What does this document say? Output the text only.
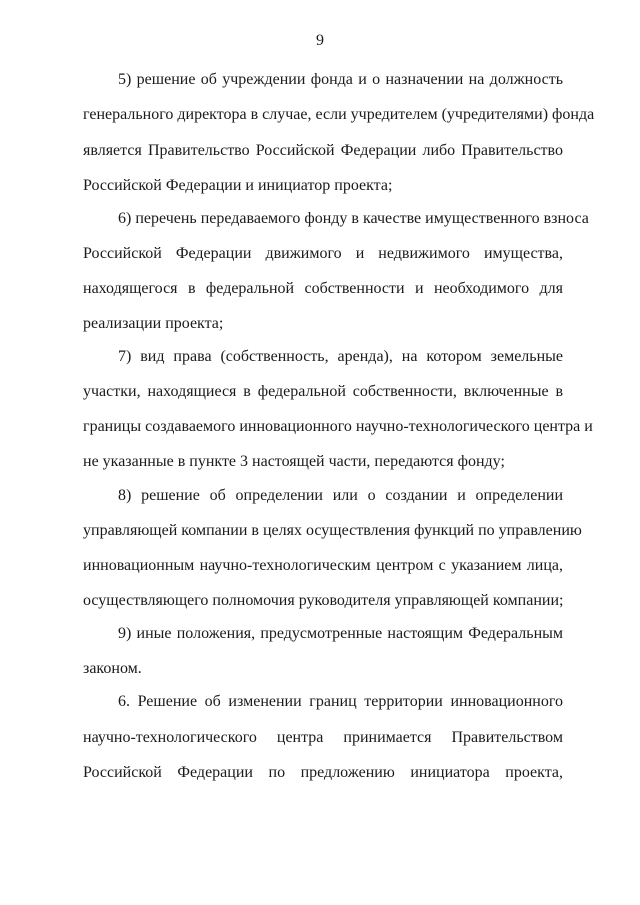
9
5) решение об учреждении фонда и о назначении на должность
генерального директора в случае, если учредителем (учредителями) фонда
является Правительство Российской Федерации либо Правительство
Российской Федерации и инициатор проекта;
6) перечень передаваемого фонду в качестве имущественного взноса
Российской Федерации движимого и недвижимого имущества,
находящегося в федеральной собственности и необходимого для
реализации проекта;
7) вид права (собственность, аренда), на котором земельные
участки, находящиеся в федеральной собственности, включенные в
границы создаваемого инновационного научно-технологического центра и
не указанные в пункте 3 настоящей части, передаются фонду;
8) решение об определении или о создании и определении
управляющей компании в целях осуществления функций по управлению
инновационным научно-технологическим центром с указанием лица,
осуществляющего полномочия руководителя управляющей компании;
9) иные положения, предусмотренные настоящим Федеральным
законом.
6. Решение об изменении границ территории инновационного
научно-технологического центра принимается Правительством
Российской Федерации по предложению инициатора проекта,
